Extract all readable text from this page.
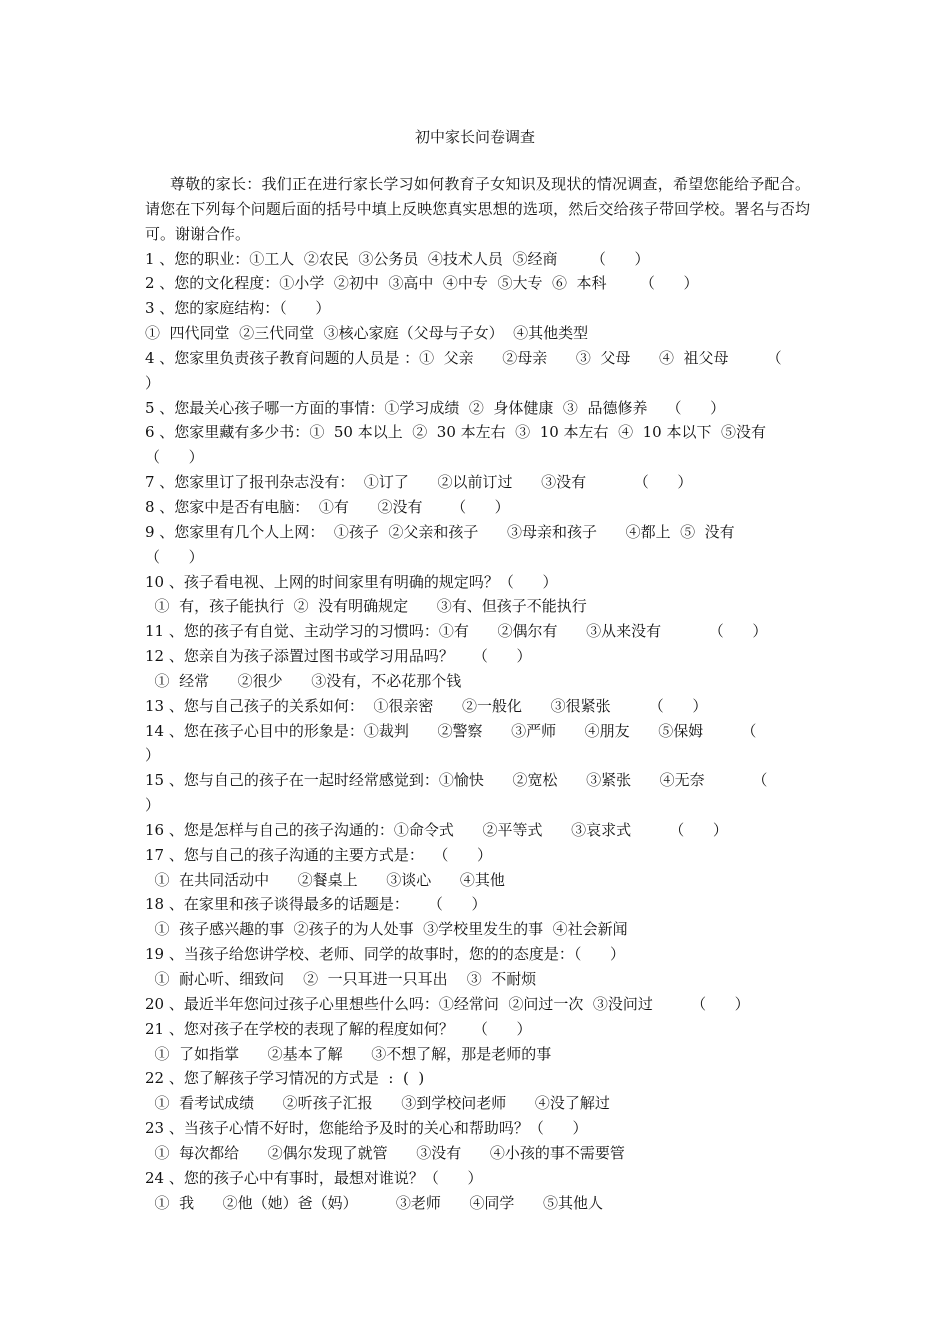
初中家长问卷调查

尊敬的家长：我们正在进行家长学习如何教育子女知识及现状的情况调查，希望您能给予配合。请您在下列每个问题后面的括号中填上反映您真实思想的选项，然后交给孩子带回学校。署名与否均可。谢谢合作。

1 、您的职业：①工人  ②农民  ③公务员  ④技术人员  ⑤经商       （      ）

2 、您的文化程度：①小学  ②初中  ③高中  ④中专  ⑤大专  ⑥  本科       （      ）

3 、您的家庭结构：（      ）

①  四代同堂  ②三代同堂  ③核心家庭（父母与子女）  ④其他类型

4 、您家里负责孩子教育问题的人员是 ：①  父亲      ②母亲      ③  父母      ④  祖父母        （

）

5 、您最关心孩子哪一方面的事情：①学习成绩  ②  身体健康  ③  品德修养    （      ）

6 、您家里藏有多少书：①  50 本以上  ②  30 本左右  ③  10 本左右  ④  10 本以下  ⑤没有

（      ）

7 、您家里订了报刊杂志没有：  ①订了      ②以前订过      ③没有          （      ）

8 、您家中是否有电脑：  ①有      ②没有      （      ）

9 、您家里有几个人上网：  ①孩子  ②父亲和孩子      ③母亲和孩子      ④都上  ⑤  没有

（      ）

10 、孩子看电视、上网的时间家里有明确的规定吗？（      ）

①  有，孩子能执行  ②  没有明确规定      ③有、但孩子不能执行

11 、您的孩子有自觉、主动学习的习惯吗：①有      ②偶尔有      ③从来没有          （      ）

12 、您亲自为孩子添置过图书或学习用品吗？    （      ）

①  经常      ②很少      ③没有，不必花那个钱

13 、您与自己孩子的关系如何：  ①很亲密      ②一般化      ③很紧张        （      ）

14 、您在孩子心目中的形象是：①裁判      ②警察      ③严师      ④朋友      ⑤保姆        （

）

15 、您与自己的孩子在一起时经常感觉到：①愉快      ②宽松      ③紧张      ④无奈          （

）

16 、您是怎样与自己的孩子沟通的：①命令式      ②平等式      ③哀求式        （      ）

17 、您与自己的孩子沟通的主要方式是：  （      ）

①  在共同活动中      ②餐桌上      ③谈心      ④其他

18 、在家里和孩子谈得最多的话题是：    （      ）

①  孩子感兴趣的事  ②孩子的为人处事  ③学校里发生的事  ④社会新闻

19 、当孩子给您讲学校、老师、同学的故事时，您的的态度是：（      ）

①  耐心听、细致问    ②  一只耳进一只耳出    ③  不耐烦

20 、最近半年您问过孩子心里想些什么吗：①经常问  ②问过一次  ③没问过        （      ）

21 、您对孩子在学校的表现了解的程度如何？    （      ）

①  了如指掌      ②基本了解      ③不想了解，那是老师的事

22 、您了解孩子学习情况的方式是  :  (  )

①  看考试成绩      ②听孩子汇报      ③到学校问老师      ④没了解过

23 、当孩子心情不好时，您能给予及时的关心和帮助吗？（      ）

①  每次都给      ②偶尔发现了就管      ③没有      ④小孩的事不需要管

24 、您的孩子心中有事时，最想对谁说？（      ）

①  我      ②他（她）爸（妈）        ③老师      ④同学      ⑤其他人
